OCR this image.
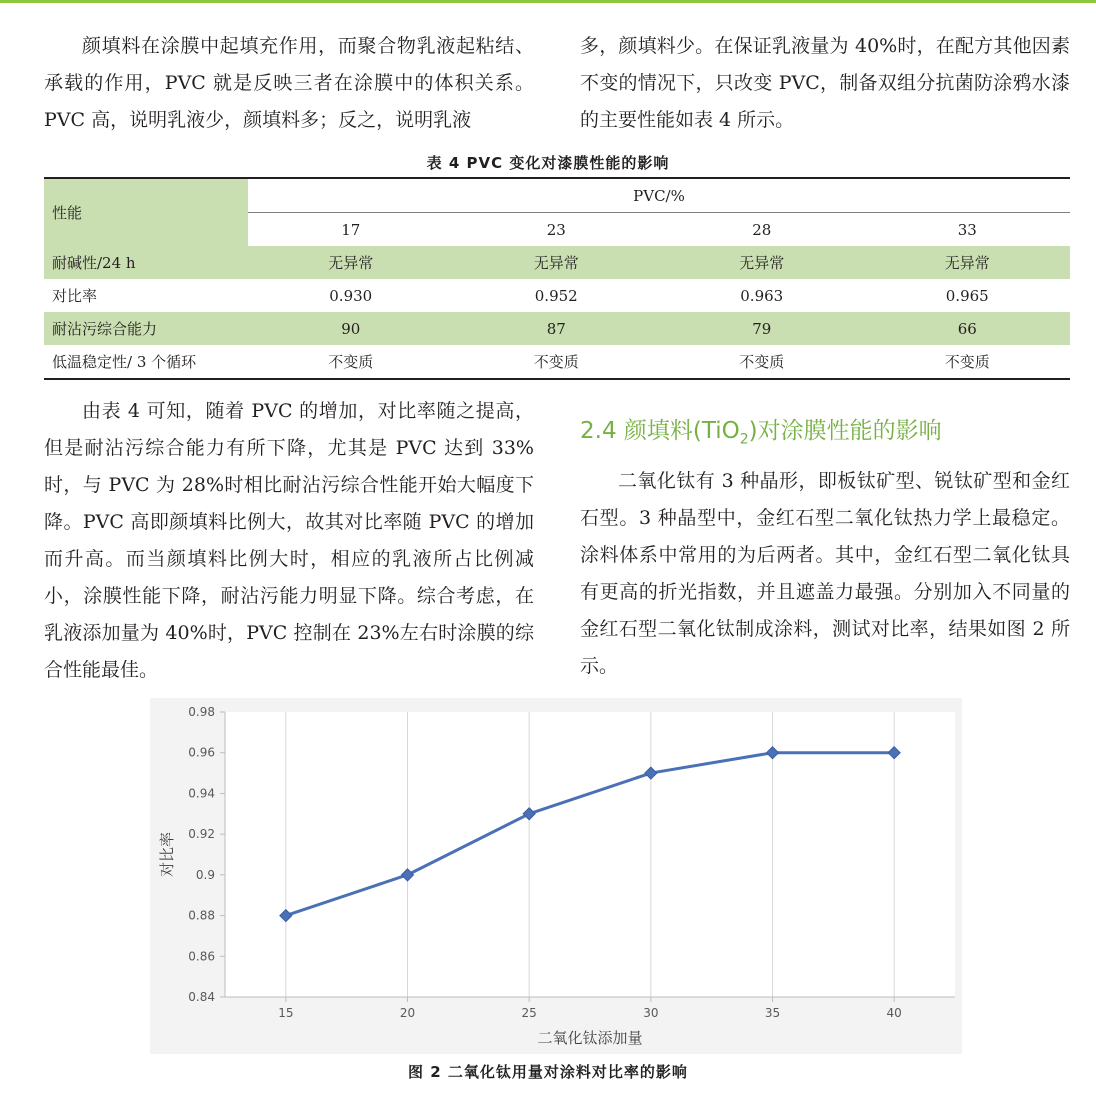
颜填料在涂膜中起填充作用，而聚合物乳液起粘结、承载的作用，PVC 就是反映三者在涂膜中的体积关系。PVC 高，说明乳液少，颜填料多；反之，说明乳液

多，颜填料少。在保证乳液量为 40%时，在配方其他因素不变的情况下，只改变 PVC，制备双组分抗菌防涂鸦水漆的主要性能如表 4 所示。

表 4 PVC 变化对漆膜性能的影响
性能	PVC/%			
	17	23	28	33
耐碱性/24 h	无异常	无异常	无异常	无异常
对比率	0.930	0.952	0.963	0.965
耐沾污综合能力	90	87	79	66
低温稳定性/ 3 个循环	不变质	不变质	不变质	不变质

由表 4 可知，随着 PVC 的增加，对比率随之提高，但是耐沾污综合能力有所下降，尤其是 PVC 达到 33%时，与 PVC 为 28%时相比耐沾污综合性能开始大幅度下降。PVC 高即颜填料比例大，故其对比率随 PVC 的增加而升高。而当颜填料比例大时，相应的乳液所占比例减小，涂膜性能下降，耐沾污能力明显下降。综合考虑，在乳液添加量为 40%时，PVC 控制在 23%左右时涂膜的综合性能最佳。

2.4 颜填料(TiO$_2$)对涂膜性能的影响

二氧化钛有 3 种晶形，即板钛矿型、锐钛矿型和金红石型。3 种晶型中，金红石型二氧化钛热力学上最稳定。涂料体系中常用的为后两者。其中，金红石型二氧化钛具有更高的折光指数，并且遮盖力最强。分别加入不同量的金红石型二氧化钛制成涂料，测试对比率，结果如图 2 所示。

0.84
0.86
0.88
0.9
0.92
0.94
0.96
0.98
15	20	25	30	35	40
二氧化钛添加量
对比率
图 2 二氧化钛用量对涂料对比率的影响
